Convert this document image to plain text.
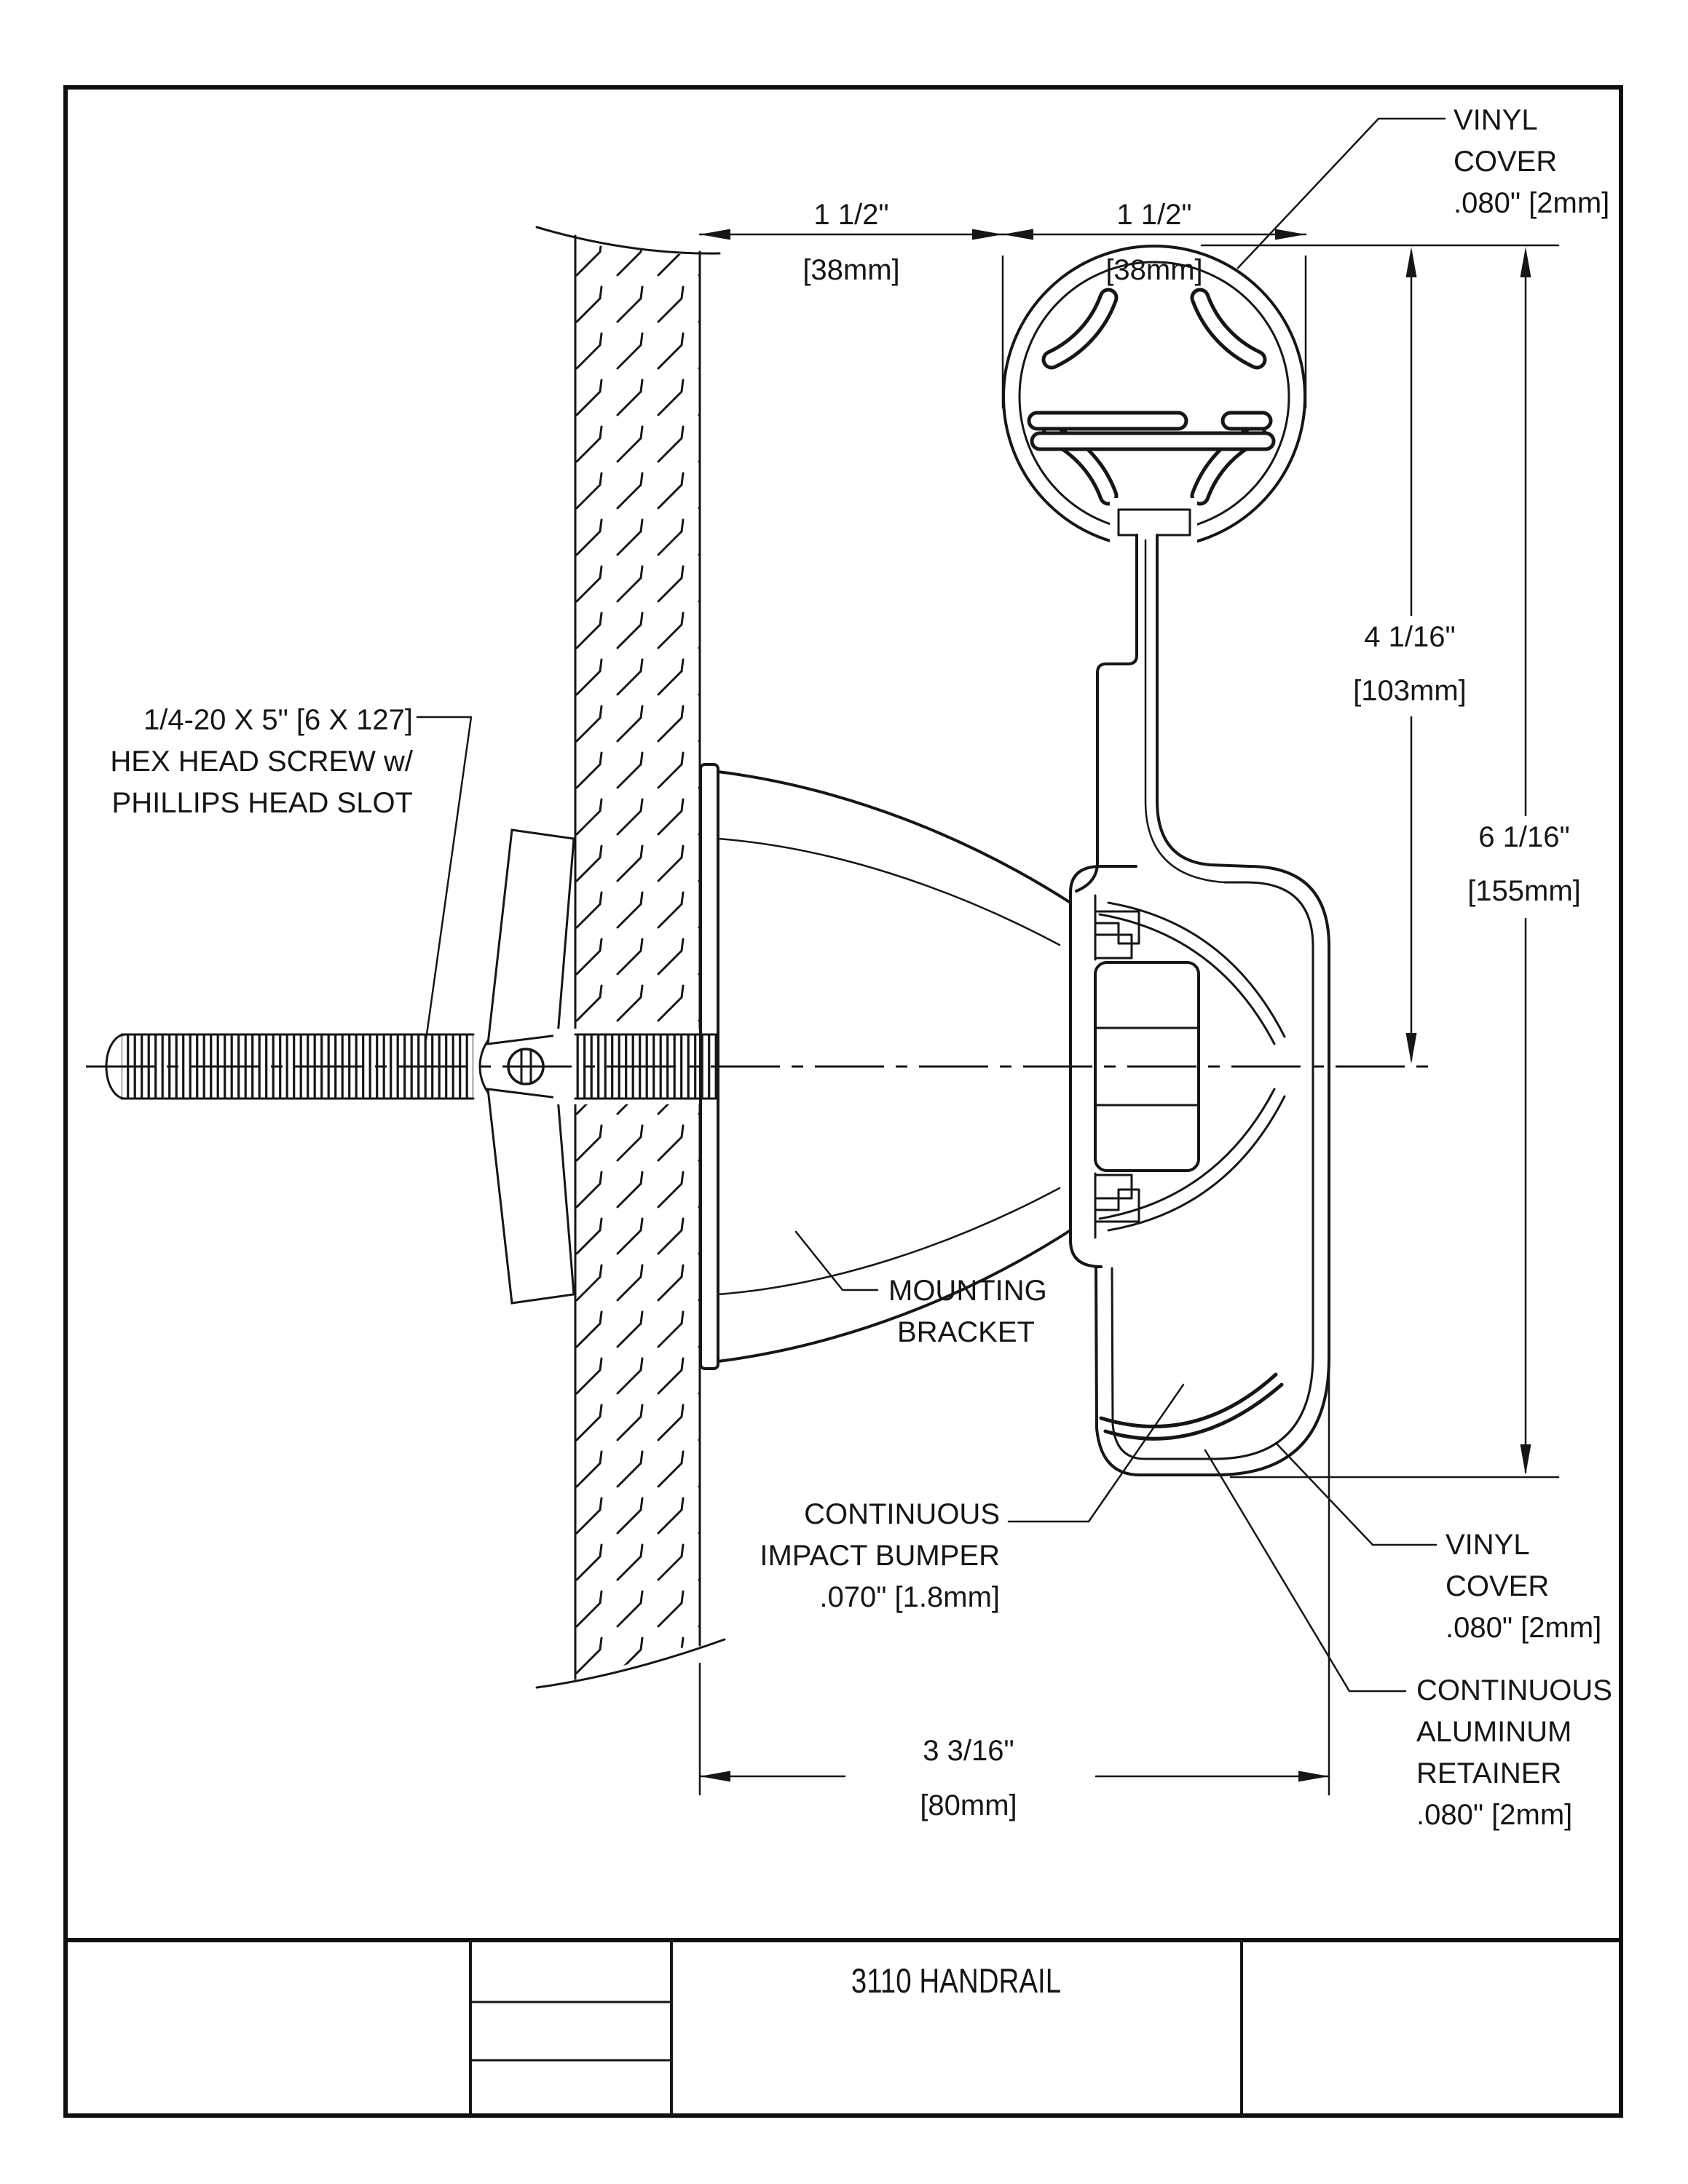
3110 HANDRAIL
1 1/2"
[38mm]
1 1/2"
[38mm]
4 1/16"
[103mm]
6 1/16"
[155mm]
3 3/16"
[80mm]
1/4-20 X 5" [6 X 127]
HEX HEAD SCREW w/
PHILLIPS HEAD SLOT
VINYL
COVER
.080" [2mm]
MOUNTING
BRACKET
CONTINUOUS
IMPACT BUMPER
.070" [1.8mm]
VINYL
COVER
.080" [2mm]
CONTINUOUS
ALUMINUM
RETAINER
.080" [2mm]
